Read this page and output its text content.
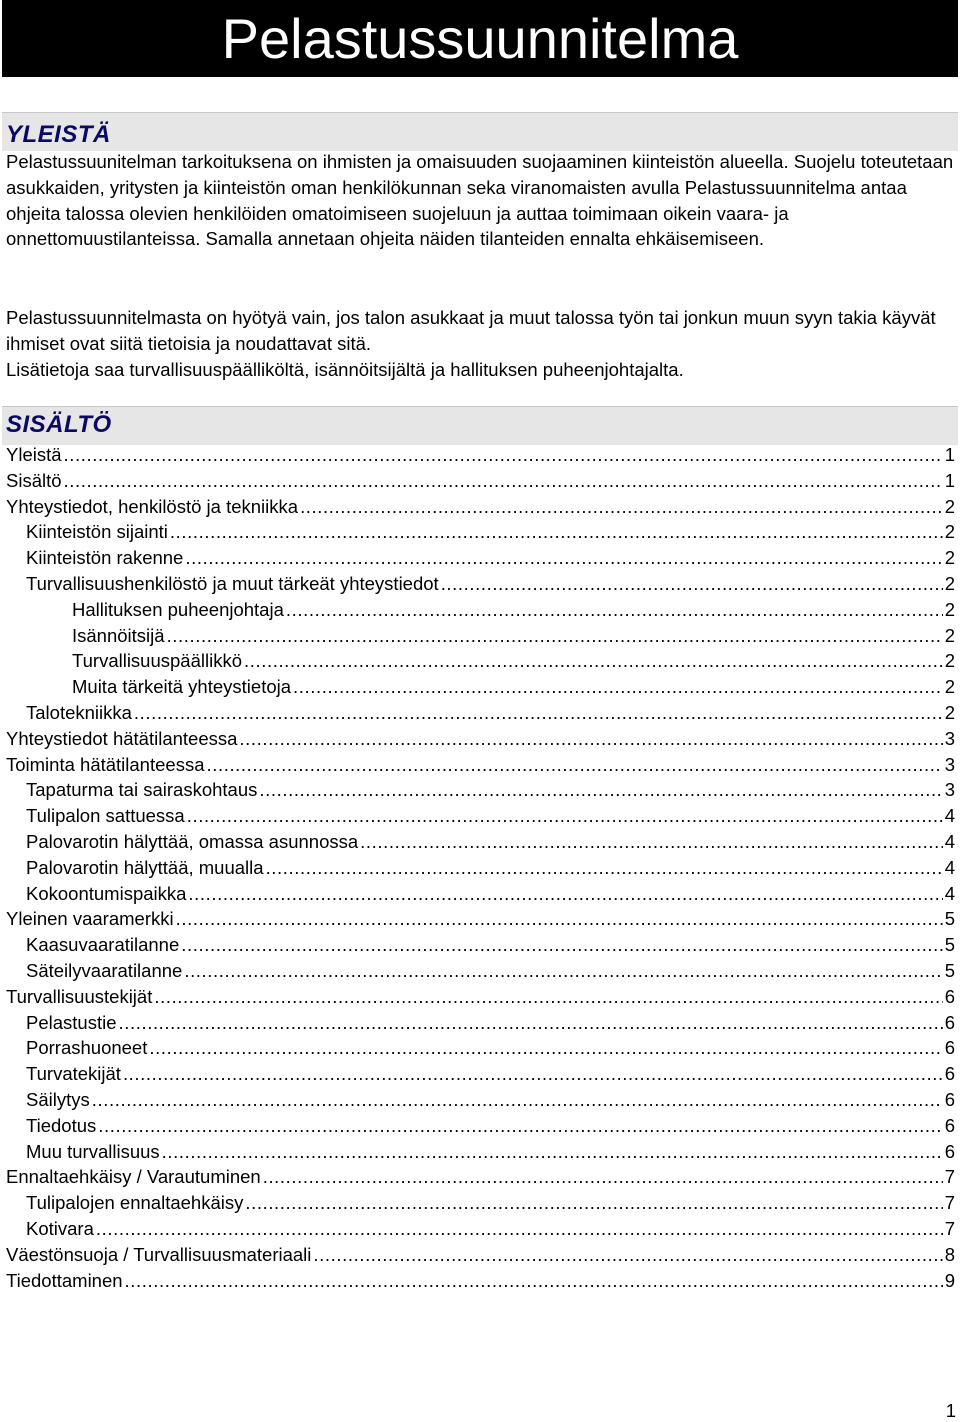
Pelastussuunnitelma
YLEISTÄ

Pelastussuunitelman tarkoituksena on ihmisten ja omaisuuden suojaaminen kiinteistön alueella. Suojelu toteutetaan asukkaiden, yritysten ja kiinteistön oman henkilökunnan seka viranomaisten avulla Pelastussuunnitelma antaa ohjeita talossa olevien henkilöiden omatoimiseen suojeluun ja auttaa toimimaan oikein vaara- ja onnettomuustilanteissa. Samalla annetaan ohjeita näiden tilanteiden ennalta ehkäisemiseen.

Pelastussuunnitelmasta on hyötyä vain, jos talon asukkaat ja muut talossa työn tai jonkun muun syyn takia käyvät ihmiset ovat siitä tietoisia ja noudattavat sitä.
Lisätietoja saa turvallisuuspäälliköltä, isännöitsijältä ja hallituksen puheenjohtajalta.
SISÄLTÖ
Yleistä .....	1
Sisältö .....	1
Yhteystiedot, henkilöstö ja tekniikka .....	2
Kiinteistön sijainti .....	2
Kiinteistön rakenne .....	2
Turvallisuushenkilöstö ja muut tärkeät yhteystiedot .....	2
Hallituksen puheenjohtaja .....	2
Isännöitsijä .....	2
Turvallisuuspäällikkö .....	2
Muita tärkeitä yhteystietoja .....	2
Talotekniikka .....	2
Yhteystiedot hätätilanteessa .....	3
Toiminta hätätilanteessa .....	3
Tapaturma tai sairaskohtaus .....	3
Tulipalon sattuessa .....	4
Palovarotin hälyttää, omassa asunnossa .....	4
Palovarotin hälyttää, muualla .....	4
Kokoontumispaikka .....	4
Yleinen vaaramerkki .....	5
Kaasuvaaratilanne .....	5
Säteilyvaaratilanne .....	5
Turvallisuustekijät .....	6
Pelastustie .....	6
Porrashuoneet .....	6
Turvatekijät .....	6
Säilytys .....	6
Tiedotus .....	6
Muu turvallisuus .....	6
Ennaltaehkäisy / Varautuminen .....	7
Tulipalojen ennaltaehkäisy .....	7
Kotivara .....	7
Väestönsuoja / Turvallisuusmateriaali .....	8
Tiedottaminen .....	9
1
